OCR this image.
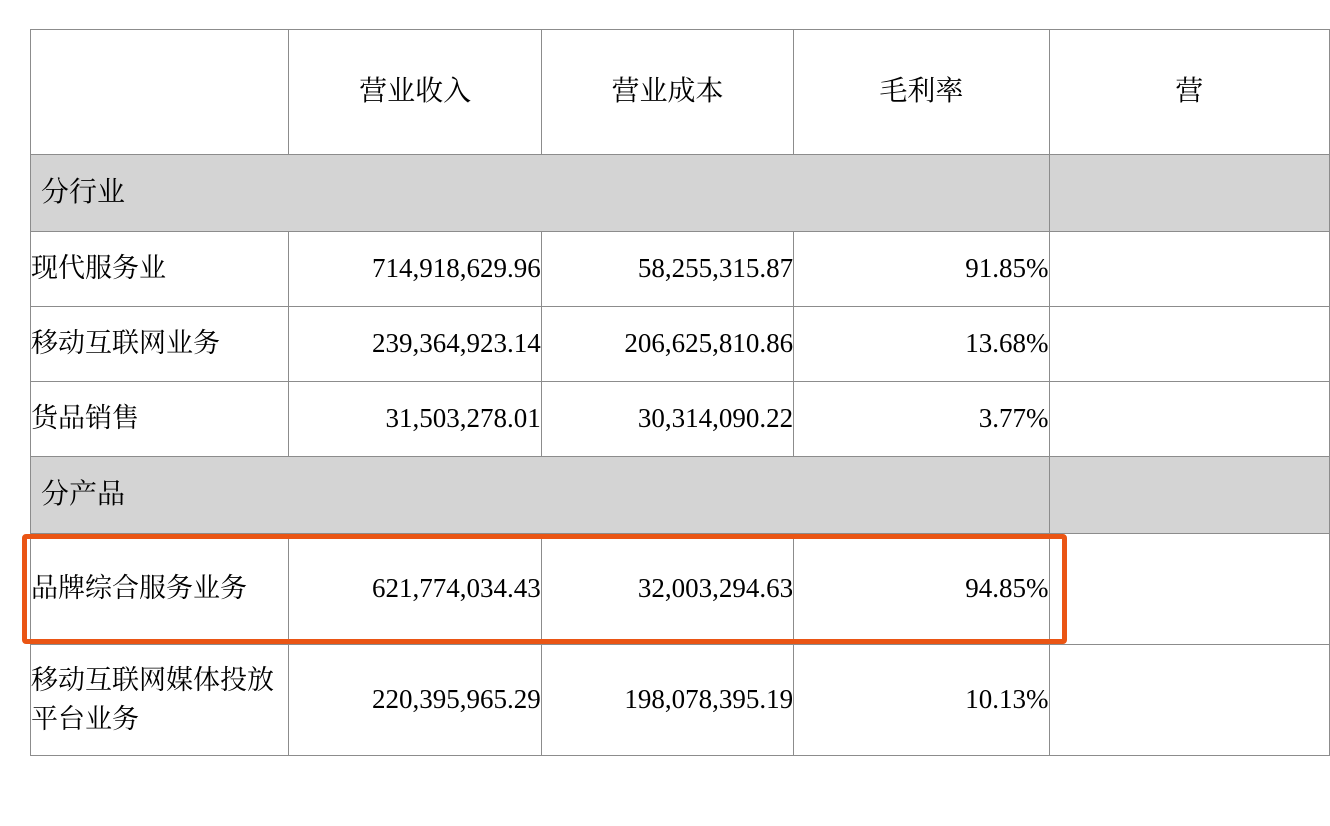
	营业收入	营业成本	毛利率	营
分行业				
现代服务业	714,918,629.96	58,255,315.87	91.85%	
移动互联网业务	239,364,923.14	206,625,810.86	13.68%	
货品销售	31,503,278.01	30,314,090.22	3.77%	
分产品				
品牌综合服务业务	621,774,034.43	32,003,294.63	94.85%	
移动互联网媒体投放平台业务	220,395,965.29	198,078,395.19	10.13%	
